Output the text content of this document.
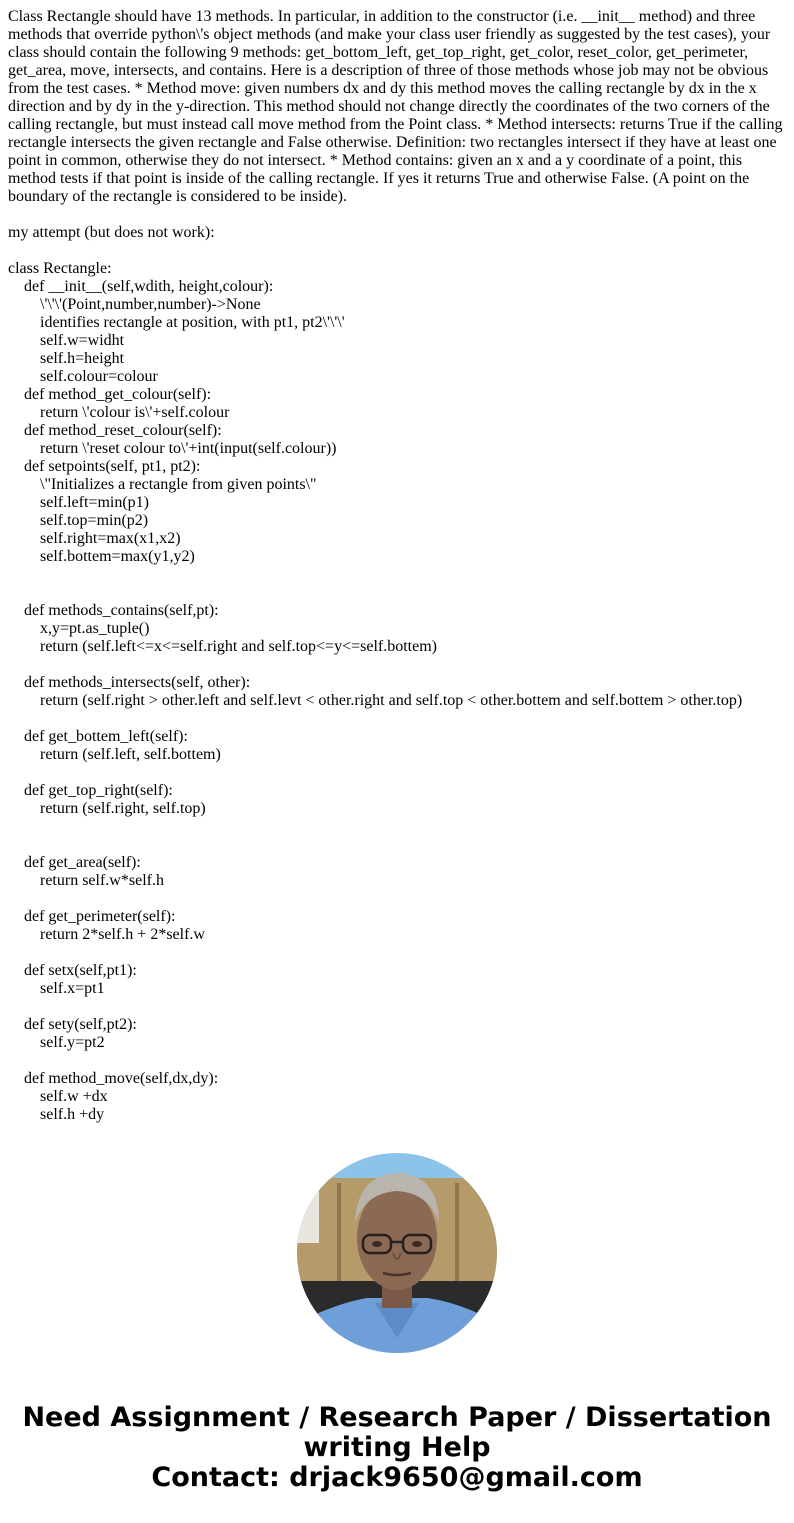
Class Rectangle should have 13 methods. In particular, in addition to the constructor (i.e. __init__ method) and three methods that override python\'s object methods (and make your class user friendly as suggested by the test cases), your class should contain the following 9 methods: get_bottom_left, get_top_right, get_color, reset_color, get_perimeter, get_area, move, intersects, and contains. Here is a description of three of those methods whose job may not be obvious from the test cases. * Method move: given numbers dx and dy this method moves the calling rectangle by dx in the x direction and by dy in the y-direction. This method should not change directly the coordinates of the two corners of the calling rectangle, but must instead call move method from the Point class. * Method intersects: returns True if the calling rectangle intersects the given rectangle and False otherwise. Definition: two rectangles intersect if they have at least one point in common, otherwise they do not intersect. * Method contains: given an x and a y coordinate of a point, this method tests if that point is inside of the calling rectangle. If yes it returns True and otherwise False. (A point on the boundary of the rectangle is considered to be inside).

my attempt (but does not work):

class Rectangle:
def __init__(self,wdith, height,colour):
\'\'\'(Point,number,number)->None
identifies rectangle at position, with pt1, pt2\'\'\'
self.w=widht
self.h=height
self.colour=colour
def method_get_colour(self):
return \'colour is\'+self.colour
def method_reset_colour(self):
return \'reset colour to\'+int(input(self.colour))
def setpoints(self, pt1, pt2):
\"Initializes a rectangle from given points\"
self.left=min(p1)
self.top=min(p2)
self.right=max(x1,x2)
self.bottem=max(y1,y2)
def methods_contains(self,pt):
x,y=pt.as_tuple()
return (self.left<=x<=self.right and self.top<=y<=self.bottem)
def methods_intersects(self, other):
return (self.right > other.left and self.levt < other.right and self.top < other.bottem and self.bottem > other.top)
def get_bottem_left(self):
return (self.left, self.bottem)
def get_top_right(self):
return (self.right, self.top)
def get_area(self):
return self.w*self.h
def get_perimeter(self):
return 2*self.h + 2*self.w
def setx(self,pt1):
self.x=pt1
def sety(self,pt2):
self.y=pt2
def method_move(self,dx,dy):
self.w +dx
self.h +dy
Need Assignment / Research Paper / Dissertation
writing Help
Contact: drjack9650@gmail.com
